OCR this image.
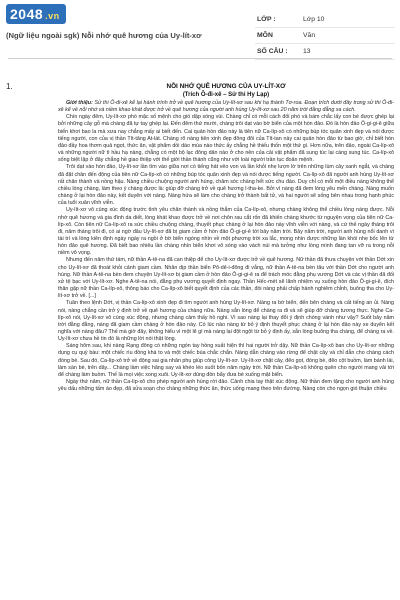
2048 .vn
(Ngữ liệu ngoài sgk) Nỗi nhớ quê hương của Uy-lít-xơ
LỚP :	Lớp 10
MÔN	Văn
SỐ CÂU :	13
1.	NỖI NHỚ QUÊ HƯƠNG CỦA UY-LÍT-XƠ

(Trích Ô-đi-xê – Sử thi Hy Lạp)

Giới thiệu: Sử thi Ô-đi-xê kể lại hành trình trở về quê hương của Uy-lít-xơ sau khi hạ thành Tơ-roa. Đoạn trích dưới đây trong sử thi Ô-đi-xê kể về nỗi nhớ và niềm khao khát được trở về quê hương của người anh hùng Uy-lít-xơ sau 20 năm trời đằng đẵng xa cách.

Chín ngày đêm, Uy-lít-xơ phó mặc số mệnh cho gió dập sóng vùi. Chàng chỉ có mỗi cách đối phó và bám chắc lấy con bè được ghép lại bởi những cây gỗ mà chàng đã tự tay ghép lại. Đến đêm thứ mười, chàng trôi dạt vào bờ biển của một hòn đảo. Đó là hòn đảo Ô-gi-gi-ê giữa biển khơi bao la mà xưa nay chẳng mấy ai biết đến. Cai quản hòn đảo này là tiên nữ Ca-líp-xô có những búp tóc quăn xinh đẹp và nói được tiếng người, con của vị thần Tít-tăng At-lát. Chàng rõ nàng tiên xinh đẹp đông đôi của Tít-tan này cai quản hòn đảo từ bao giờ, chỉ biết hòn đảo đầy hoa thơm quả ngọt, thức ăn, vật phẩm dồi dào mùa nào thức ấy chẳng hề thiếu thốn một thứ gì. Hơn nữa, trên đảo, ngoài Ca-líp-xô và những người nữ tì hầu hạ nàng, chẳng có một bộ lạc đông dân nào ở cho nên của cải vật phẩm đã sung túc lại càng sung túc. Ca-líp-xô sống biệt lập ở đây chẳng hề giao thiệp với thế giới thần thánh cũng như với loài người trần tục đoản mệnh.

Trôi dạt vào hòn đảo, Uy-lít-xơ lần tìm vào giữa nơi có tiếng hát vẻo von và lần khỏi nhẹ lượn lờ trên những lùm cây xanh ngắt, và chàng đã đặt chân đến động của tiên nữ Ca-líp-xô có những búp tóc quăn xinh đẹp và nói được tiếng người. Ca-líp-xô đã người anh hùng Uy-lít-xơ rất chân thành và nồng hậu. Nàng chiều chuộng người anh hùng, chăm sóc chàng hết sức chu đáo. Duy chỉ có mỗi một điều nàng không thể chiều lòng chàng, làm theo ý chàng được là: giúp đỡ chàng trở về quê hương I-tha-ke. Bởi vì nàng đã đem lòng yêu mến chàng. Nàng muốn chàng ở lại hòn đảo này, kết duyên với nàng. Nàng hứa sẽ làm cho chàng trở thành bất tử, và hai người sẽ sống bên nhau trong hạnh phúc của tuổi xuân vĩnh viễn.

Uy-lít-xơ vô cùng xúc động trước tình yêu chân thành và nồng thắm của Ca-líp-xô, nhưng chàng không thể chiều lòng nàng được. Nỗi nhớ quê hương và gia đình da diết, lòng khát khao được trở về nơi chôn rau cắt rốn đã khiến chàng khước từ nguyện vọng của tiên nữ Ca-líp-xô. Còn tiên nữ Ca-líp-xô ra sức chiều chuộng chàng, thuyết phục chàng ở lại hòn đảo này vĩnh viễn với nàng, và cứ thế ngày tháng trôi đi, năm tháng trôi đi, có ai ngờ đâu Uy-lít-xơ đã bị giam cầm ở hòn đảo Ô-gi-gi-ê tới bảy năm trời. Bảy năm trời, người anh hùng nổi danh vì tài trí và lòng kiên định ngày ngày ra ngồi ở bờ biển ngóng nhìn về một phương trời xa lắc, mong nhìn được những làn khói nhẹ bốc lên từ hòn đảo quê hương. Đã biết bao nhiêu lần chàng nhìn biển khơi vô sóng vào vách núi mà tưởng như lòng mình đang tan vỡ ra trong nỗi niềm vô vọng.

Nhưng đến năm thứ tám, nữ thần A-tê-na đã can thiệp để cho Uy-lít-xơ được trở về quê hương. Nữ thần đã thưa chuyện với thần Dớt xin cho Uy-lít-xơ đã thoát khỏi cảnh giam cầm. Nhân dịp thần biển Pô-dê-i-đông đi vắng, nữ thần A-tê-na bèn tâu với thần Dớt cho người anh hùng. Nữ thần A-tê-na bèn đem chuyện Uy-lít-xơ bị giam cầm ở hòn đảo Ô-gi-gi-ê ra để trách móc đằng phụ vương Dớt và các vị thần đã đối xử tệ bạc với Uy-lít-xơ. Nghe A-tê-na nói, đằng phụ vương quyết định ngay. Thần Hếc-mét sẽ lãnh nhiệm vụ xuống hòn đảo Ô-gi-gi-ê, đích thân gặp nữ thần Ca-líp-xô, thông báo cho Ca-líp-xô biết quyết định của các thần, đòi nàng phải chấp hành nghiêm chỉnh, buông tha cho Uy-lít-xơ trở về. [...]

Tuân theo lệnh Dớt, vị thần Ca-líp-xô xinh đẹp đi tìm người anh hùng Uy-lít-xơ. Nàng ra bờ biển, đến bên chàng và cất tiếng an ủi. Nàng nói, nàng chẳng cần trở ý định trở về quê hương của chàng nữa. Nàng sẵn lòng để chàng ra đi và sẽ giúp đỡ chàng tương thực. Nghe Ca-líp-xô nói, Uy-lít-xơ vô cùng xúc động, nhưng chàng cảm thấy hồ nghi. Vì sao nàng lại thay đổi ý định chóng vánh như vậy? Suốt bảy năm trời đằng đẵng, nàng đã giam cầm chàng ở hòn đảo này. Có lúc nào nàng từ bỏ ý định thuyết phục chàng ở lại hòn đảo này xe duyên kết nghĩa với nàng đâu? Thế mà giờ đây, không hiểu vì một lẽ gì mà nàng lại đột ngột từ bỏ ý định ấy, sẵn lòng buông tha chàng, để chàng ra về. Uy-lít-xơ chưa hề tin đó là những lời nói thật lòng.

Sáng hôm sau, khi nàng Rạng đông có những ngón tay hồng xuất hiện thì hai người trở dậy. Nữ thần Ca-líp-xô ban cho Uy-lít-xơ những dụng cụ quý báu: một chiếc rìu đồng khá to và một chiếc búa chắc chắn. Nàng dẫn chàng vào rừng để chặt cây và chỉ dẫn cho chàng cách đóng bè. Sau đó, Ca-líp-xô trở về động sai gia nhân phụ giúp công Uy-lít-xơ. Uy-lít-xơ chặt cây, đẽo gọt, đóng bè, đẽo cột buồm, làm bánh lái, làm sàn bè, trên dây... Chàng làm việc hăng say và khéo léo suốt bốn năm ngày trời. Nữ thần Ca-líp-xô không quên cho người mang vải tới để chàng làm buồm. Thế là mọi việc xong xuôi. Uy-lít-xơ dùng đòn bẩy đưa bè xuống mặt biển.

Ngày thứ năm, nữ thần Ca-líp-xô cho phép người anh hùng rời đảo. Cảnh chia tay thật xúc động. Nữ thần đem tặng cho người anh hùng yêu dấu những tấm áo đẹp, đã sửa soạn cho chàng những thức ăn, thức uống mang theo trên đường. Nàng còn cho ngọn gió thuận chiều
